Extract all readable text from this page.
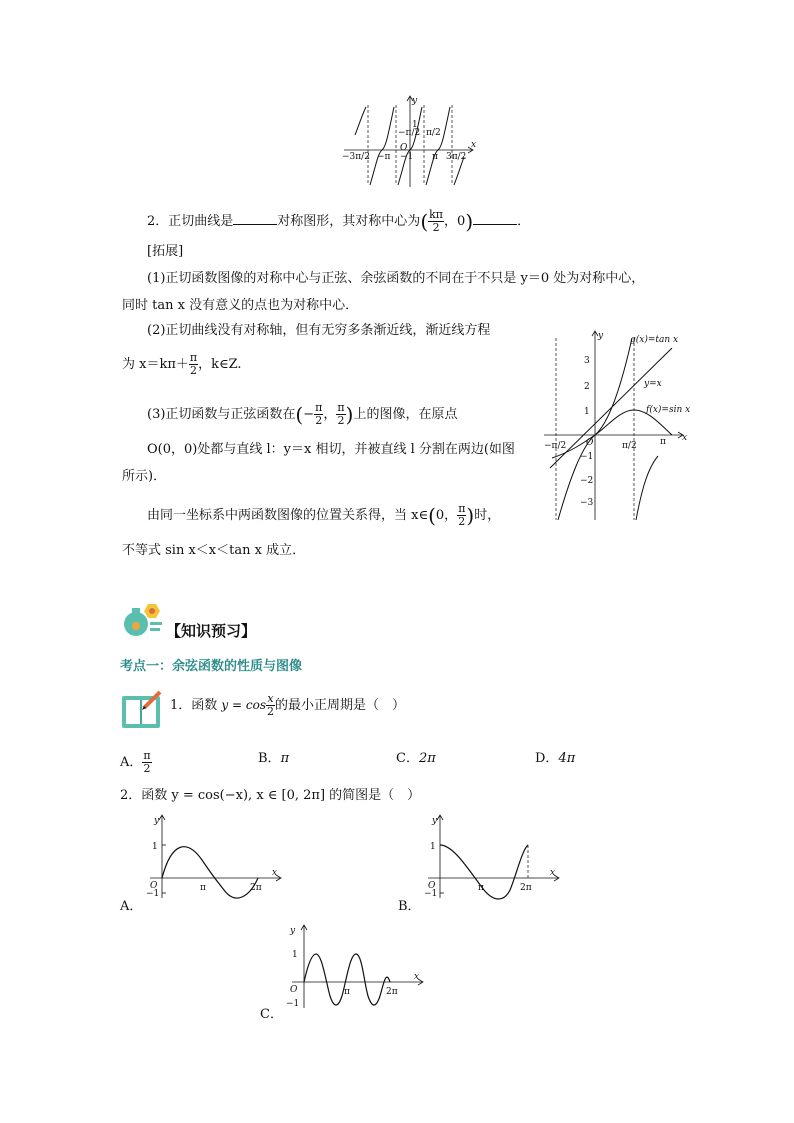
y
x
1
−1
O
π
−π
−π/2 π/2
−3π/2	3π/2
2．正切曲线是	对称图形，其对称中心为( $\frac{k\pi}{2}$ ，0)	．
[拓展]
(1)正切函数图像的对称中心与正弦、余弦函数的不同在于不只是 y＝0 处为对称中心，
同时 tan x 没有意义的点也为对称中心．
(2)正切曲线没有对称轴，但有无穷多条渐近线，渐近线方程
为 $x=k\pi+ \frac{\pi}{2}$ ，k∈Z.
(3)正切函数与正弦函数在(− $\frac{\pi}{2}$ ， $\frac{\pi}{2}$ )上的图像，在原点
O(0，0)处都与直线 l：y＝x 相切，并被直线 l 分割在两边(如图
所示)．
由同一坐标系中两函数图像的位置关系得，当 x∈(0， $\frac{\pi}{2}$ )时，
不等式 sin x＜x＜tan x 成立．
g(x)=tan x
y=x
f(x)=sin x
y
x
O
3
2
1
−1
−2
−3
π/2
−π/2	π
【知识预习】
考点一：余弦函数的性质与图像
1．函数 $y = \cos \frac{x}{2}$ 的最小正周期是（　）
A． $\frac{\pi}{2}$	B．π	C．2π	D．4π
2．函数 y = cos(−x), x ∈ [0, 2π] 的简图是（　）
y
x
1
−1
O	π	2π
A．
y
x
1
−1
O	π	2π
B．
y
x
1
−1
O	π	2π
C．
